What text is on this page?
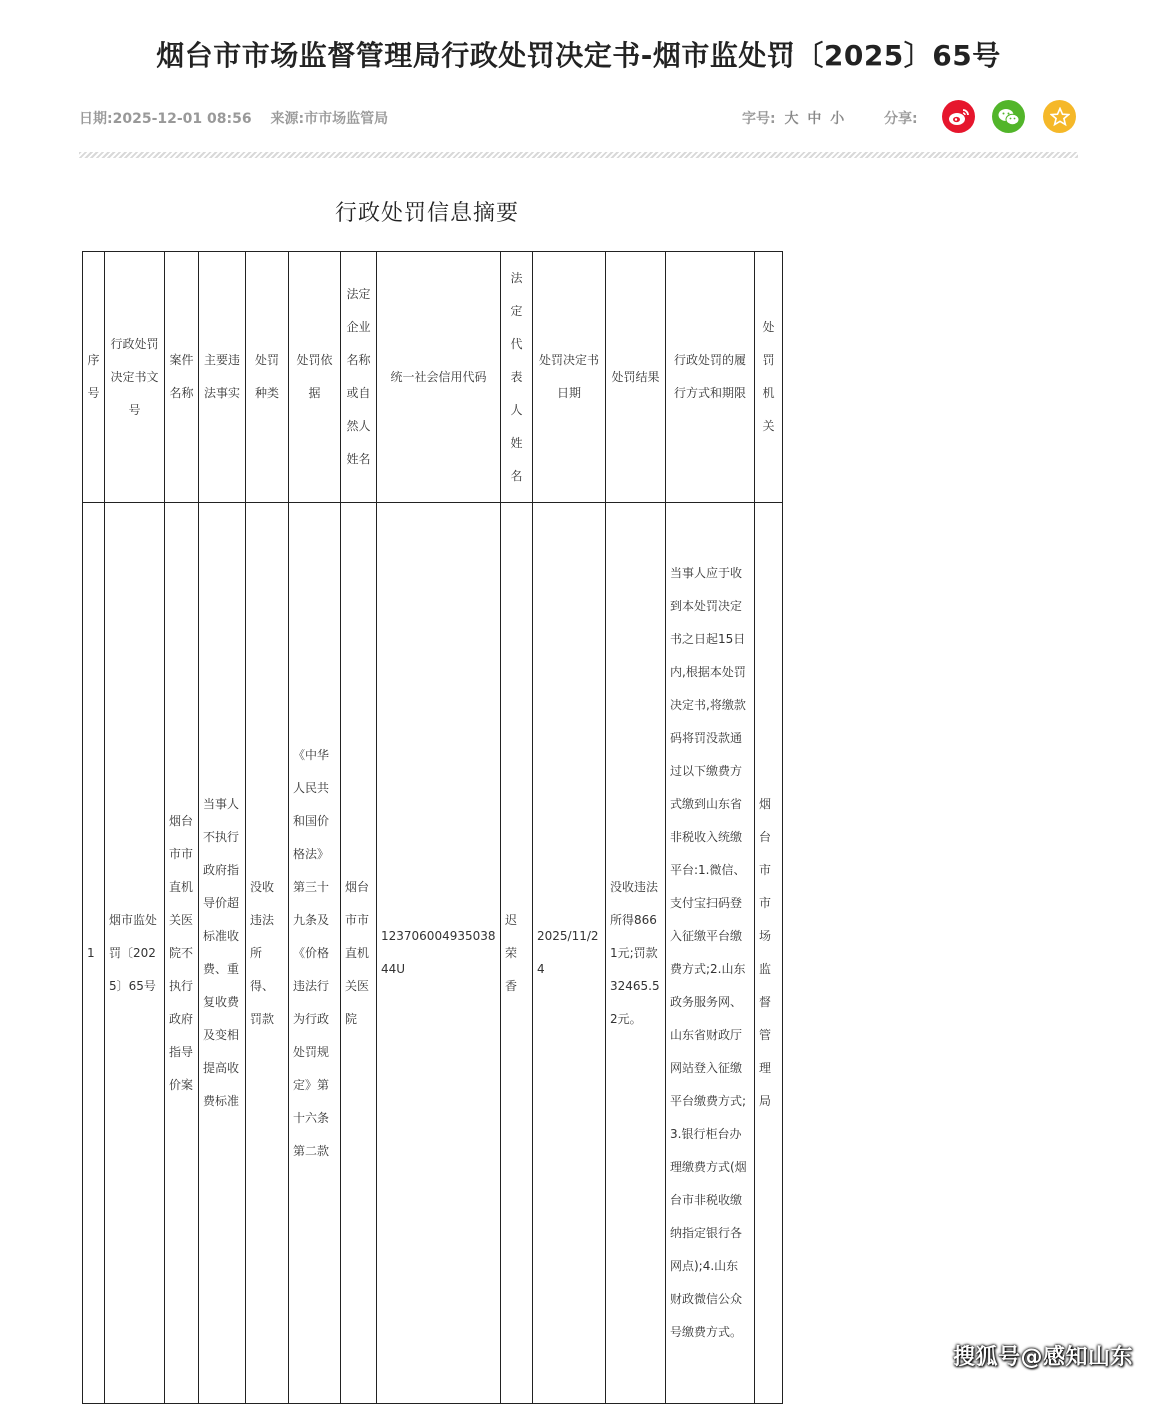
烟台市市场监督管理局行政处罚决定书-烟市监处罚〔2025〕65号
日期:2025-12-01 08:56 来源:市市场监管局	字号: 大 中 小	分享:
行政处罚信息摘要
序号	行政处罚决定书文号	案件名称	主要违法事实	处罚种类	处罚依据	法定企业名称或自然人姓名	统一社会信用代码	法定代表人姓名	处罚决定书日期	处罚结果	行政处罚的履行方式和期限	处罚机关
1	烟市监处罚〔2025〕65号	烟台市市直机关医院不执行政府指导价案	当事人不执行政府指导价超标准收费、重复收费及变相提高收费标准	没收违法所得、罚款	《中华人民共和国价格法》第三十九条及《价格违法行为行政处罚规定》第十六条第二款	烟台市市直机关医院	12370600493503844U	迟荣香	2025/11/24	没收违法所得8661元;罚款32465.52元。	当事人应于收到本处罚决定书之日起15日内,根据本处罚决定书,将缴款码将罚没款通过以下缴费方式缴到山东省非税收入统缴平台:1.微信、支付宝扫码登入征缴平台缴费方式;2.山东政务服务网、山东省财政厅网站登入征缴平台缴费方式;3.银行柜台办理缴费方式(烟台市非税收缴纳指定银行各网点);4.山东财政微信公众号缴费方式。	烟台市市场监督管理局
搜狐号@感知山东
